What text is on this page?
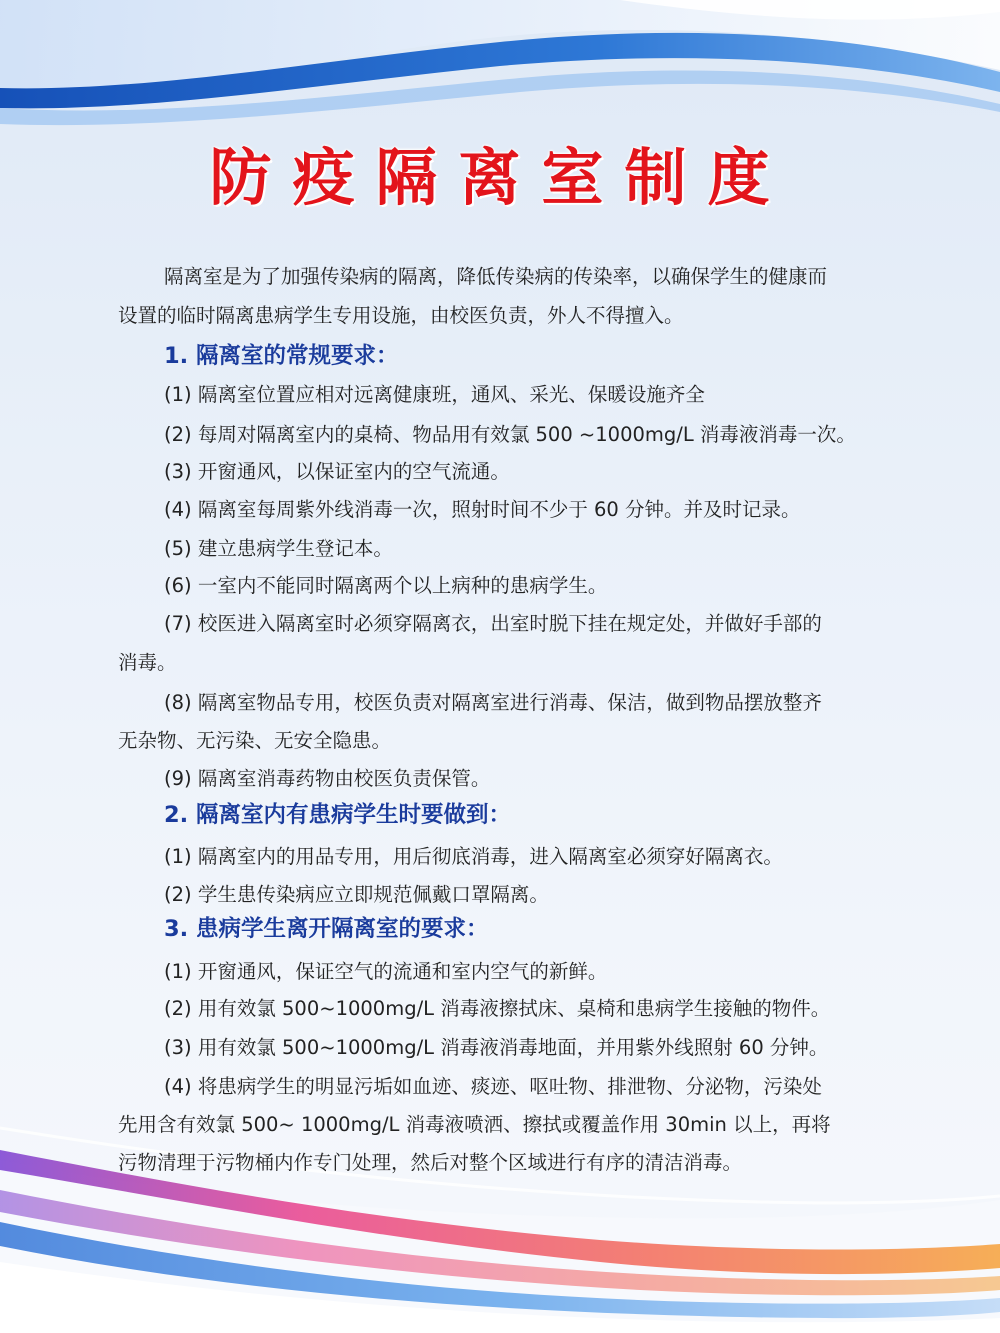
防疫隔离室制度

隔离室是为了加强传染病的隔离，降低传染病的传染率，以确保学生的健康而

设置的临时隔离患病学生专用设施，由校医负责，外人不得擅入。

1. 隔离室的常规要求：

(1) 隔离室位置应相对远离健康班，通风、采光、保暖设施齐全

(2) 每周对隔离室内的桌椅、物品用有效氯 500 ~1000mg/L 消毒液消毒一次。

(3) 开窗通风，以保证室内的空气流通。

(4) 隔离室每周紫外线消毒一次，照射时间不少于 60 分钟。并及时记录。

(5) 建立患病学生登记本。

(6) 一室内不能同时隔离两个以上病种的患病学生。

(7) 校医进入隔离室时必须穿隔离衣，出室时脱下挂在规定处，并做好手部的

消毒。

(8) 隔离室物品专用，校医负责对隔离室进行消毒、保洁，做到物品摆放整齐

无杂物、无污染、无安全隐患。

(9) 隔离室消毒药物由校医负责保管。

2. 隔离室内有患病学生时要做到：

(1) 隔离室内的用品专用，用后彻底消毒，进入隔离室必须穿好隔离衣。

(2) 学生患传染病应立即规范佩戴口罩隔离。

3. 患病学生离开隔离室的要求：

(1) 开窗通风，保证空气的流通和室内空气的新鲜。

(2) 用有效氯 500~1000mg/L 消毒液擦拭床、桌椅和患病学生接触的物件。

(3) 用有效氯 500~1000mg/L 消毒液消毒地面，并用紫外线照射 60 分钟。

(4) 将患病学生的明显污垢如血迹、痰迹、呕吐物、排泄物、分泌物，污染处

先用含有效氯 500~ 1000mg/L 消毒液喷洒、擦拭或覆盖作用 30min 以上，再将

污物清理于污物桶内作专门处理，然后对整个区域进行有序的清洁消毒。
